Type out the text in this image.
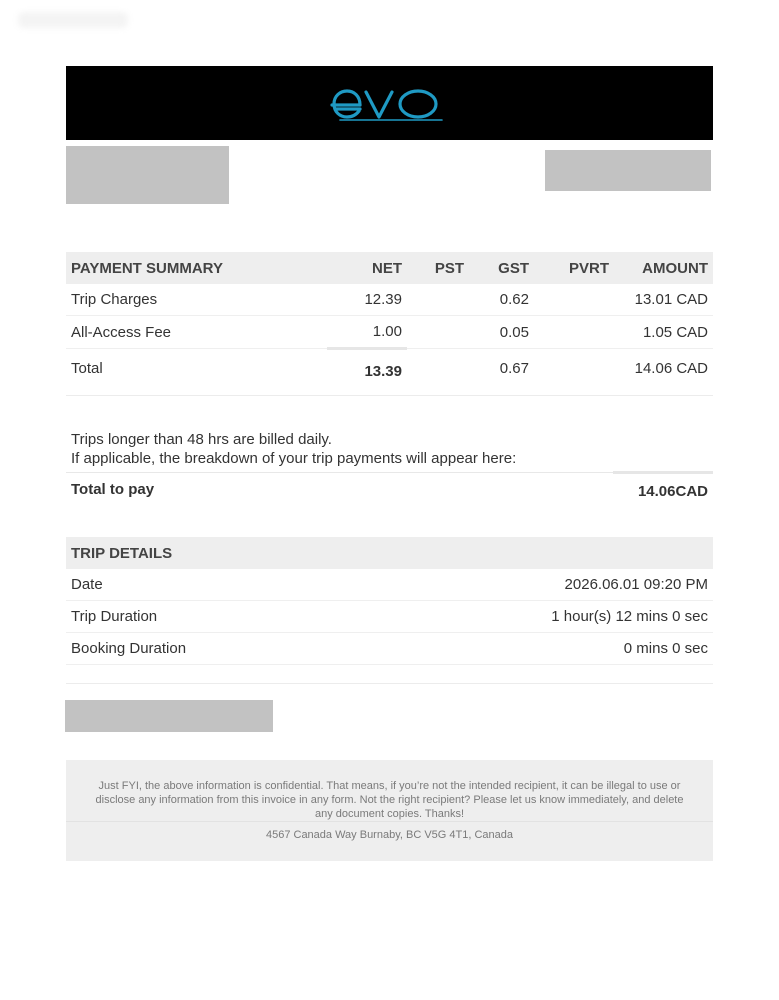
PAYMENT SUMMARY	NET	PST	GST	PVRT	AMOUNT
Trip Charges	12.39		0.62		13.01 CAD
All-Access Fee	1.00		0.05		1.05 CAD
Total	13.39		0.67		14.06 CAD
Trips longer than 48 hrs are billed daily.
If applicable, the breakdown of your trip payments will appear here:
Total to pay	14.06CAD
TRIP DETAILS	
Date	2026.06.01 09:20 PM
Trip Duration	1 hour(s) 12 mins 0 sec
Booking Duration	0 mins 0 sec
Just FYI, the above information is confidential. That means, if you’re not the intended recipient, it can be illegal to use or disclose any information from this invoice in any form. Not the right recipient? Please let us know immediately, and delete any document copies. Thanks!
4567 Canada Way Burnaby, BC V5G 4T1, Canada
